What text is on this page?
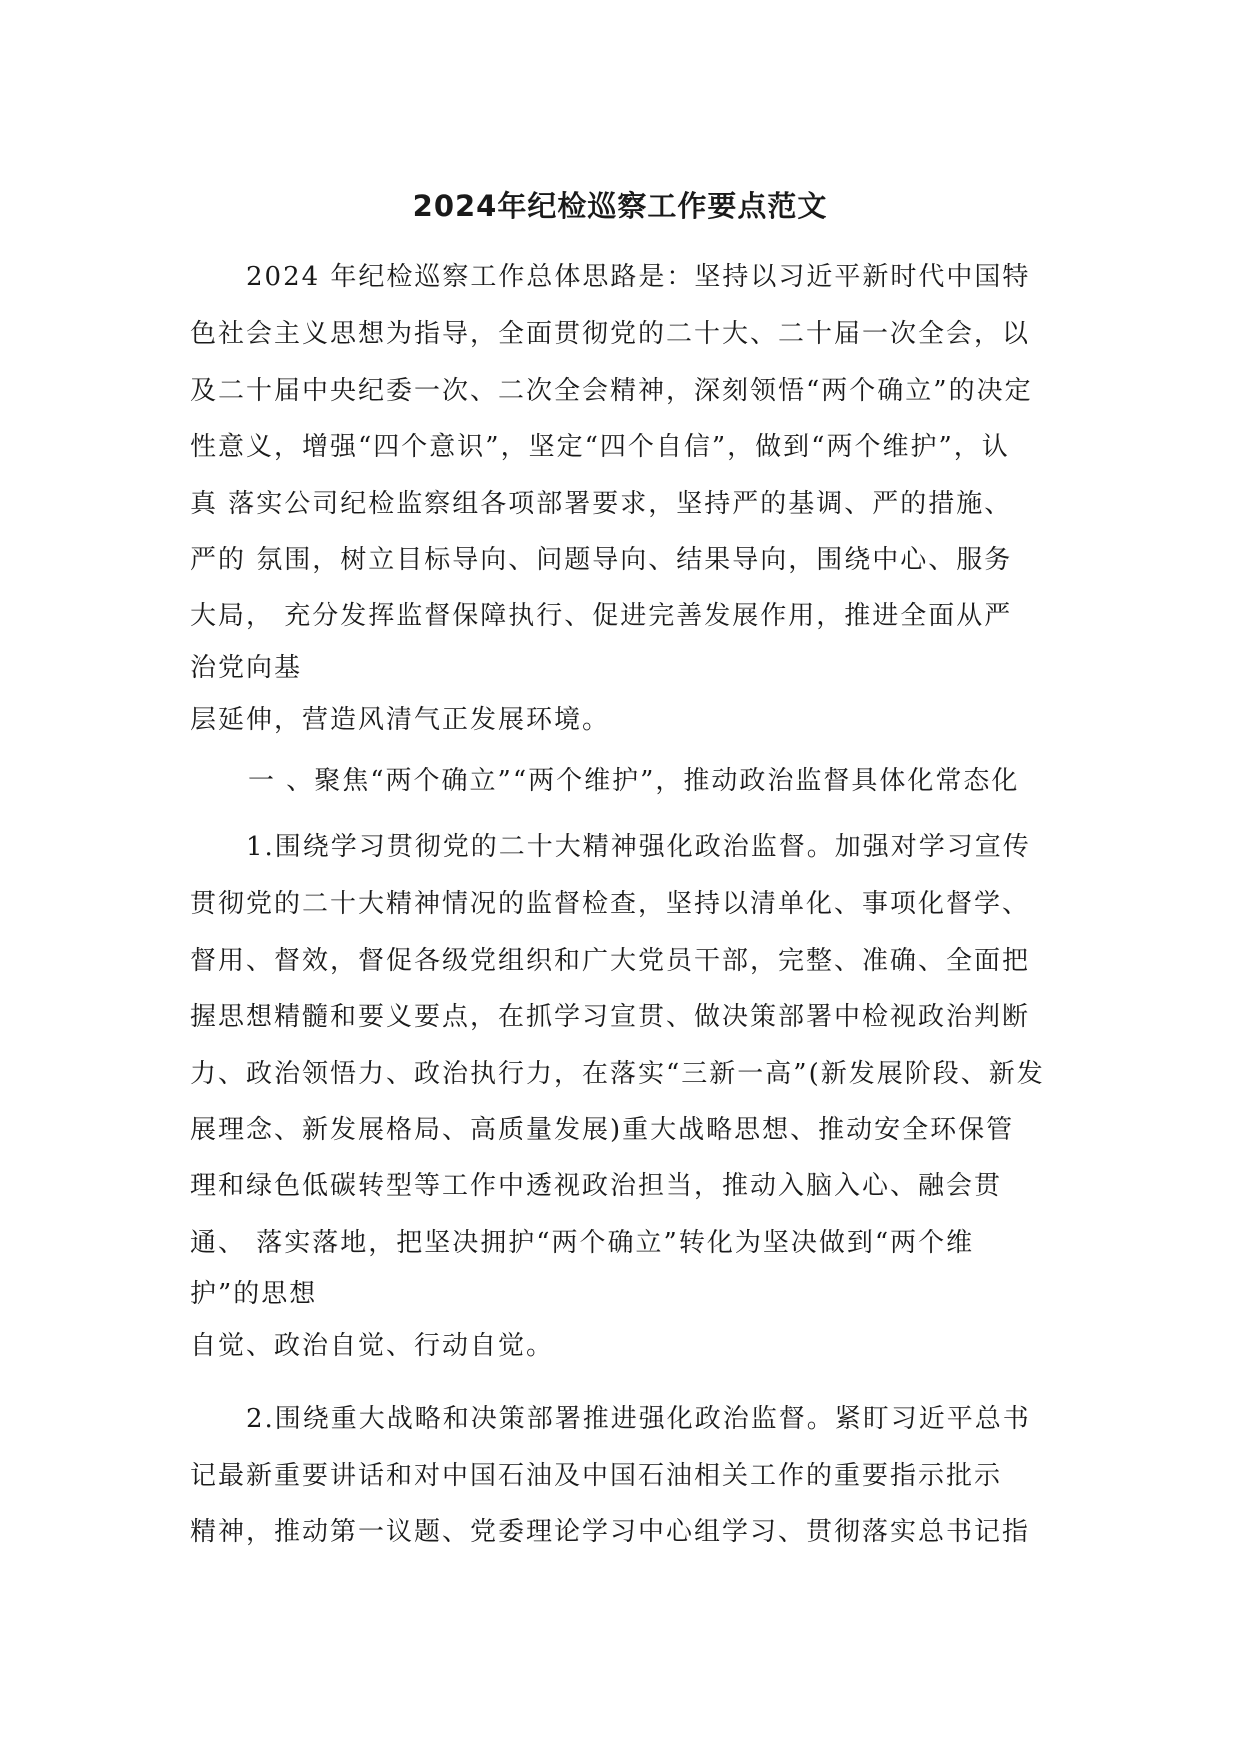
2024年纪检巡察工作要点范文
2024 年纪检巡察工作总体思路是：坚持以习近平新时代中国特
色社会主义思想为指导，全面贯彻党的二十大、二十届一次全会，以
及二十届中央纪委一次、二次全会精神，深刻领悟“两个确立”的决定
性意义，增强“四个意识”，坚定“四个自信”，做到“两个维护”，认
真 落实公司纪检监察组各项部署要求，坚持严的基调、严的措施、
严的 氛围，树立目标导向、问题导向、结果导向，围绕中心、服务
大局， 充分发挥监督保障执行、促进完善发展作用，推进全面从严
治党向基
层延伸，营造风清气正发展环境。
一 、聚焦“两个确立”“两个维护”，推动政治监督具体化常态化
1.围绕学习贯彻党的二十大精神强化政治监督。加强对学习宣传
贯彻党的二十大精神情况的监督检查，坚持以清单化、事项化督学、
督用、督效，督促各级党组织和广大党员干部，完整、准确、全面把
握思想精髓和要义要点，在抓学习宣贯、做决策部署中检视政治判断
力、政治领悟力、政治执行力，在落实“三新一高”(新发展阶段、新发
展理念、新发展格局、高质量发展)重大战略思想、推动安全环保管
理和绿色低碳转型等工作中透视政治担当，推动入脑入心、融会贯
通、 落实落地，把坚决拥护“两个确立”转化为坚决做到“两个维
护”的思想
自觉、政治自觉、行动自觉。
2.围绕重大战略和决策部署推进强化政治监督。紧盯习近平总书
记最新重要讲话和对中国石油及中国石油相关工作的重要指示批示
精神，推动第一议题、党委理论学习中心组学习、贯彻落实总书记指
